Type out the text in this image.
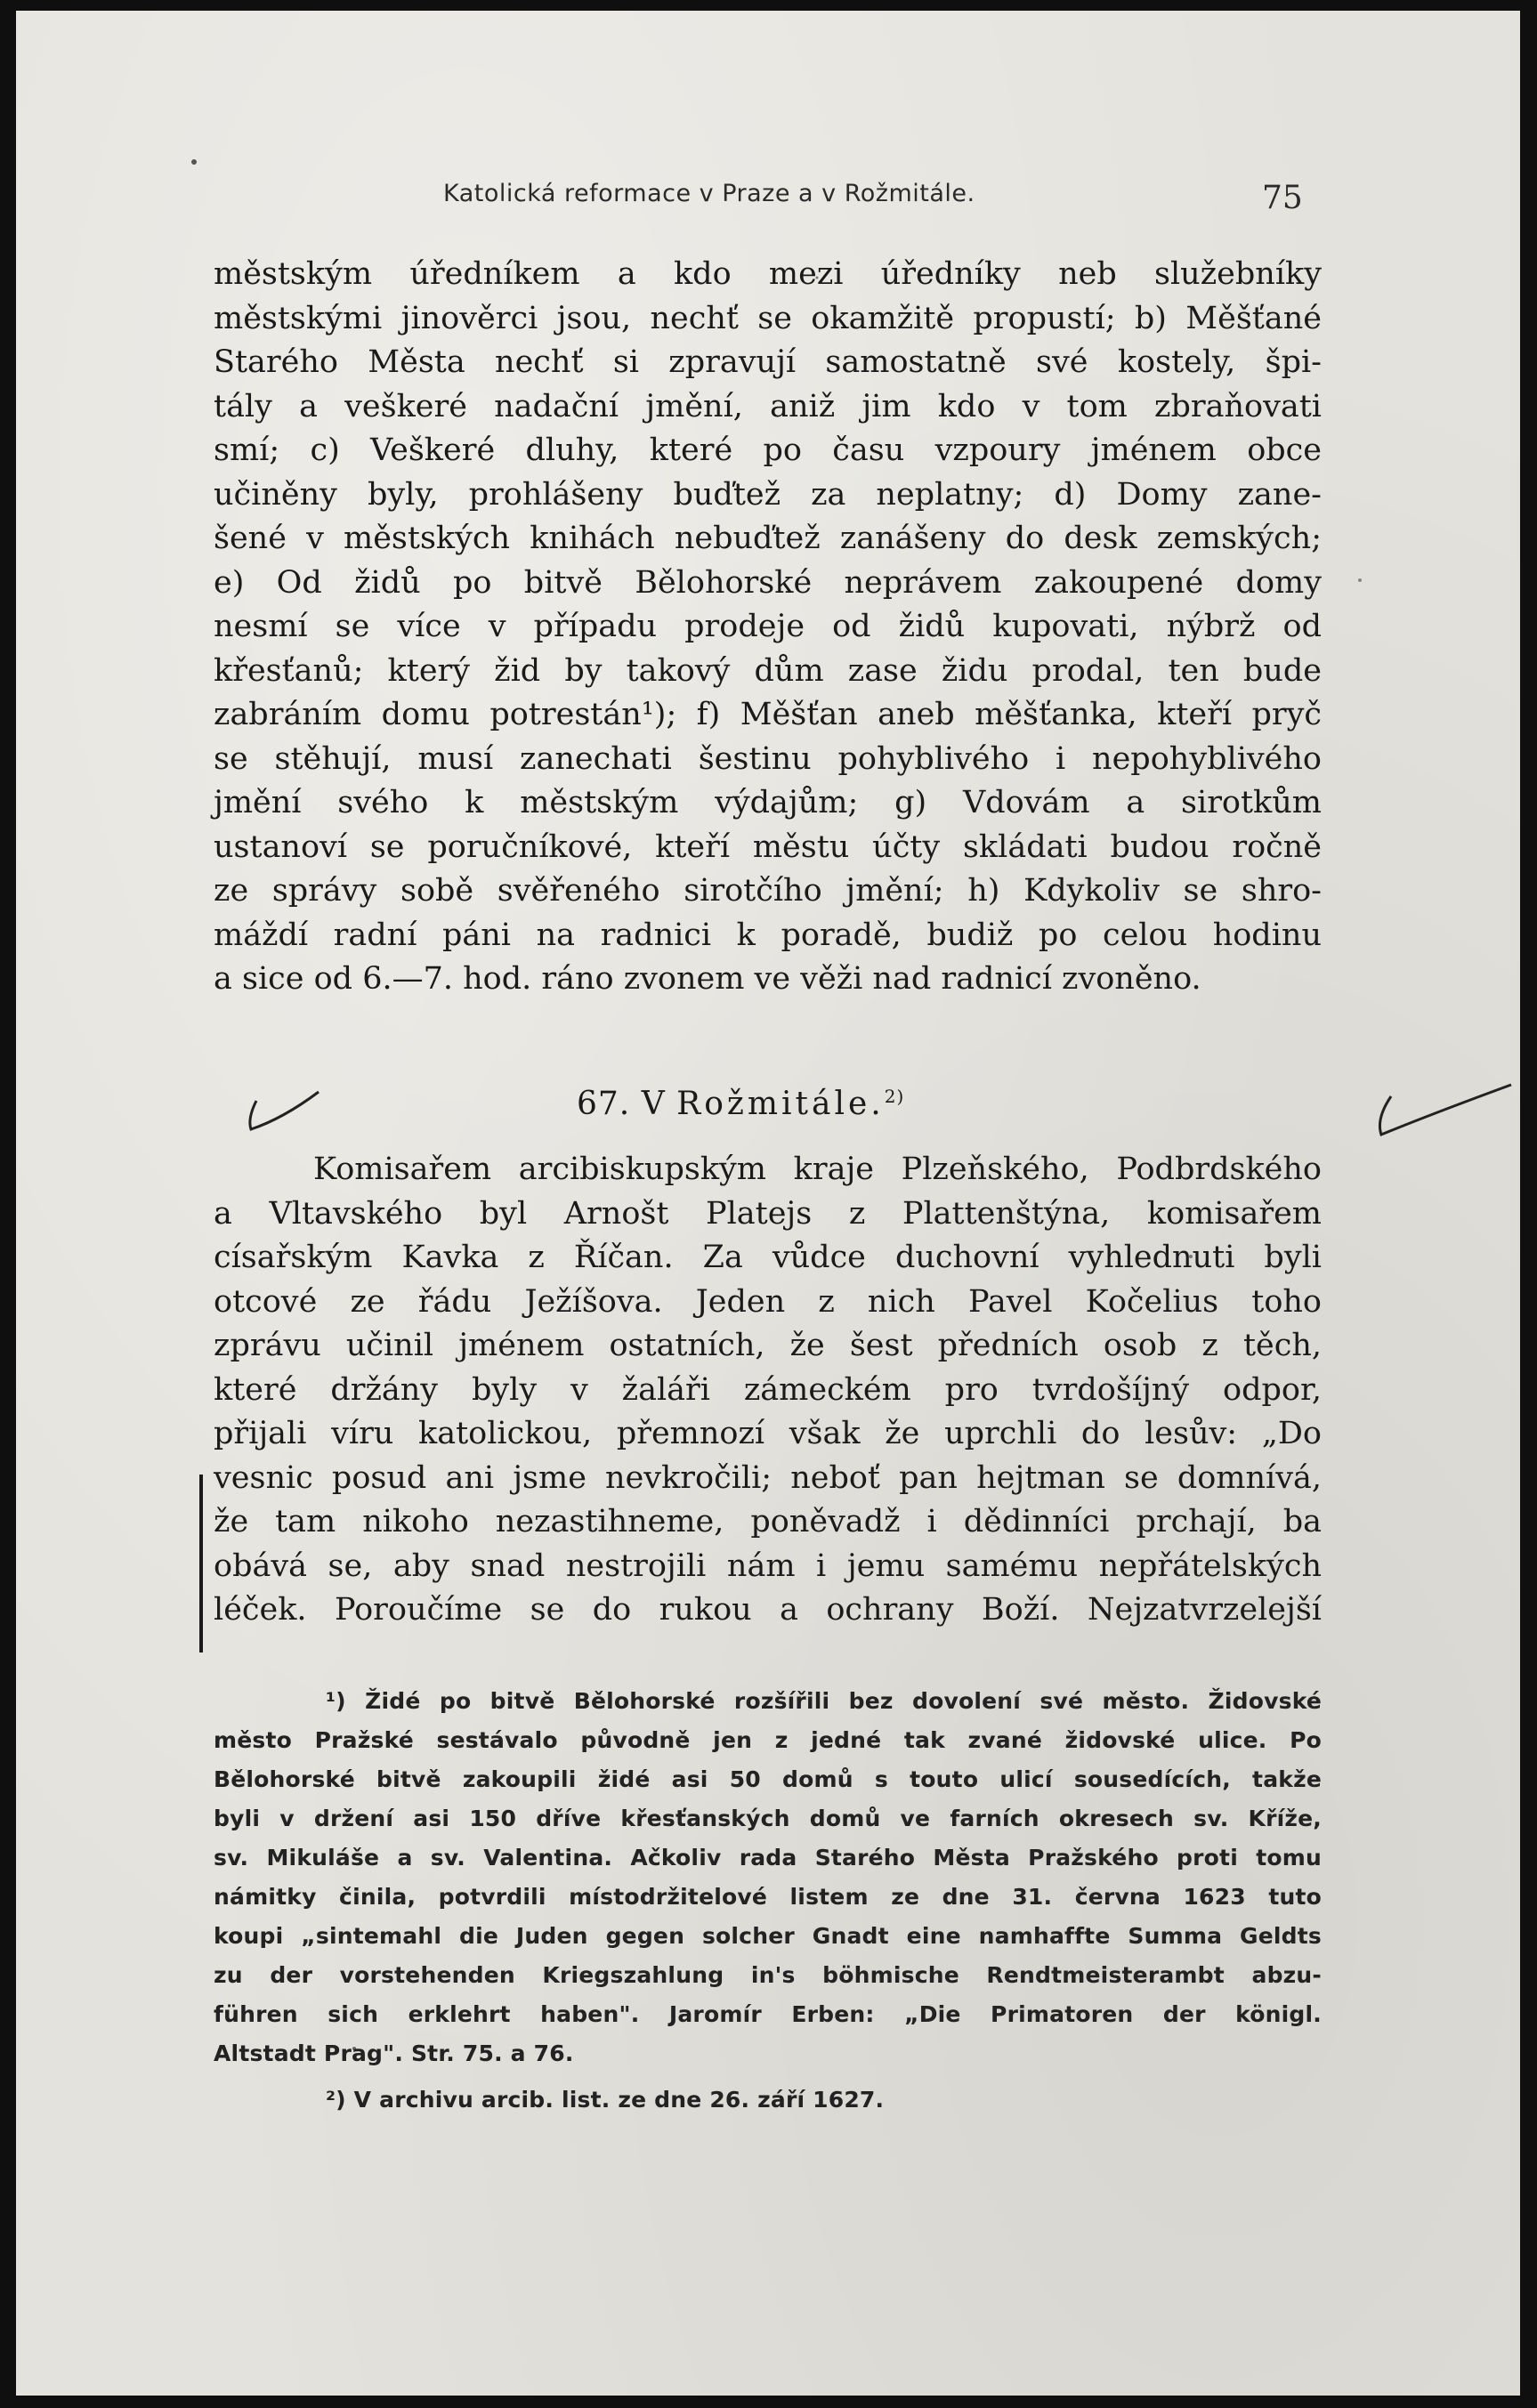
Katolická reformace v Praze a v Rožmitále.	75
městským úředníkem a kdo mezi úředníky neb služebníky
městskými jinověrci jsou, nechť se okamžitě propustí; b) Měšťané
Starého Města nechť si zpravují samostatně své kostely, špi-
tály a veškeré nadační jmění, aniž jim kdo v tom zbraňovati
smí; c) Veškeré dluhy, které po času vzpoury jménem obce
učiněny byly, prohlášeny buďtež za neplatny; d) Domy zane-
šené v městských knihách nebuďtež zanášeny do desk zemských;
e) Od židů po bitvě Bělohorské neprávem zakoupené domy
nesmí se více v případu prodeje od židů kupovati, nýbrž od
křesťanů; který žid by takový dům zase židu prodal, ten bude
zabráním domu potrestán¹); f) Měšťan aneb měšťanka, kteří pryč
se stěhují, musí zanechati šestinu pohyblivého i nepohyblivého
jmění svého k městským výdajům; g) Vdovám a sirotkům
ustanoví se poručníkové, kteří městu účty skládati budou ročně
ze správy sobě svěřeného sirotčího jmění; h) Kdykoliv se shro-
máždí radní páni na radnici k poradě, budiž po celou hodinu
a sice od 6.—7. hod. ráno zvonem ve věži nad radnicí zvoněno.
67. V Rožmitále.$^{2)}$
Komisařem arcibiskupským kraje Plzeňského, Podbrdského
a Vltavského byl Arnošt Platejs z Plattenštýna, komisařem
císařským Kavka z Říčan. Za vůdce duchovní vyhlednuti byli
otcové ze řádu Ježíšova. Jeden z nich Pavel Kočelius toho
zprávu učinil jménem ostatních, že šest předních osob z těch,
které držány byly v žaláři zámeckém pro tvrdošíjný odpor,
přijali víru katolickou, přemnozí však že uprchli do lesův: „Do
vesnic posud ani jsme nevkročili; neboť pan hejtman se domnívá,
že tam nikoho nezastihneme, poněvadž i dědinníci prchají, ba
obává se, aby snad nestrojili nám i jemu samému nepřátelských
léček. Poroučíme se do rukou a ochrany Boží. Nejzatvrzelejší
¹) Židé po bitvě Bělohorské rozšířili bez dovolení své město. Židovské
město Pražské sestávalo původně jen z jedné tak zvané židovské ulice. Po
Bělohorské bitvě zakoupili židé asi 50 domů s touto ulicí sousedících, takže
byli v držení asi 150 dříve křesťanských domů ve farních okresech sv. Kříže,
sv. Mikuláše a sv. Valentina. Ačkoliv rada Starého Města Pražského proti tomu
námitky činila, potvrdili místodržitelové listem ze dne 31. června 1623 tuto
koupi „sintemahl die Juden gegen solcher Gnadt eine namhaffte Summa Geldts
zu der vorstehenden Kriegszahlung in's böhmische Rendtmeisterambt abzu-
führen sich erklehrt haben". Jaromír Erben: „Die Primatoren der königl.
Altstadt Prag". Str. 75. a 76.
²) V archivu arcib. list. ze dne 26. září 1627.
